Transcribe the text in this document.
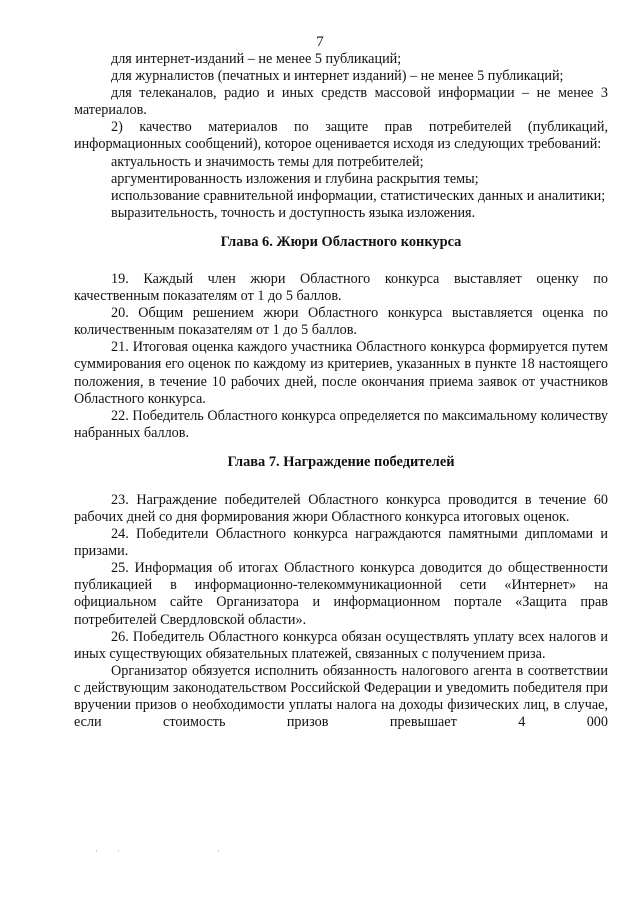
7

для интернет-изданий – не менее 5 публикаций;

для журналистов (печатных и интернет изданий) – не менее 5 публикаций;

для телеканалов, радио и иных средств массовой информации – не менее 3 материалов.

2) качество материалов по защите прав потребителей (публикаций, информационных сообщений), которое оценивается исходя из следующих требований:

актуальность и значимость темы для потребителей;

аргументированность изложения и глубина раскрытия темы;

использование сравнительной информации, статистических данных и аналитики;

выразительность, точность и доступность языка изложения.

Глава 6. Жюри Областного конкурса

19. Каждый член жюри Областного конкурса выставляет оценку по качественным показателям от 1 до 5 баллов.

20. Общим решением жюри Областного конкурса выставляется оценка по количественным показателям от 1 до 5 баллов.

21. Итоговая оценка каждого участника Областного конкурса формируется путем суммирования его оценок по каждому из критериев, указанных в пункте 18 настоящего положения, в течение 10 рабочих дней, после окончания приема заявок от участников Областного конкурса.

22. Победитель Областного конкурса определяется по максимальному количеству набранных баллов.

Глава 7. Награждение победителей

23. Награждение победителей Областного конкурса проводится в течение 60 рабочих дней со дня формирования жюри Областного конкурса итоговых оценок.

24. Победители Областного конкурса награждаются памятными дипломами и призами.

25. Информация об итогах Областного конкурса доводится до общественности публикацией в информационно-телекоммуникационной сети «Интернет» на официальном сайте Организатора и информационном портале «Защита прав потребителей Свердловской области».

26. Победитель Областного конкурса обязан осуществлять уплату всех налогов и иных существующих обязательных платежей, связанных с получением приза.

Организатор обязуется исполнить обязанность налогового агента в соответствии с действующим законодательством Российской Федерации и уведомить победителя при вручении призов о необходимости уплаты налога на доходы физических лиц, в случае, если стоимость призов превышает 4 000
